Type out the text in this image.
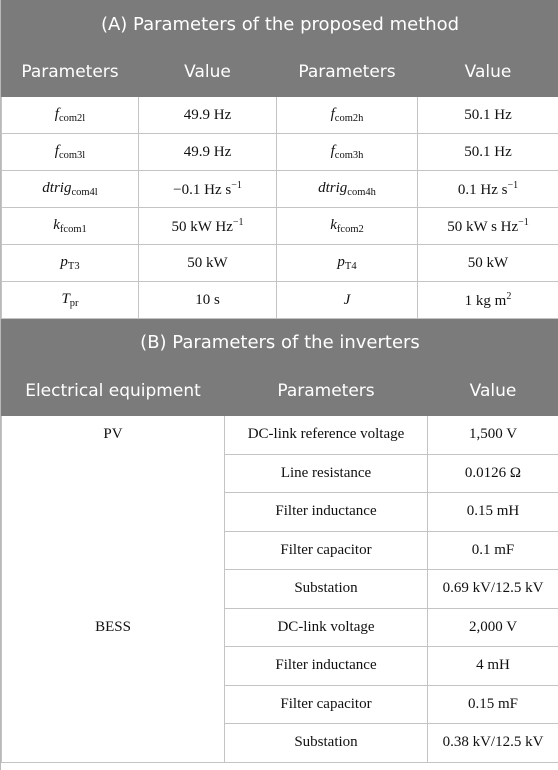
(A) Parameters of the proposed method			
Parameters	Value	Parameters	Value
$f_{com2l}$	49.9 Hz	$f_{com2h}$	50.1 Hz
$f_{com3l}$	49.9 Hz	$f_{com3h}$	50.1 Hz
dtrig$_{com4l}$	−0.1 Hz $s^{-1}$	dtrig$_{com4h}$	0.1 Hz $s^{-1}$
$k_{fcom1}$	50 kW $Hz^{-1}$	$k_{fcom2}$	50 kW s $Hz^{-1}$
$p_{T3}$	50 kW	$p_{T4}$	50 kW
$T_{pr}$	10 s	J	1 kg $m^2$
(B) Parameters of the inverters		
Electrical equipment	Parameters	Value
PV	DC-link reference voltage	1,500 V
	Line resistance	0.0126 Ω
	Filter inductance	0.15 mH
	Filter capacitor	0.1 mF
	Substation	0.69 kV/12.5 kV
BESS	DC-link voltage	2,000 V
	Filter inductance	4 mH
	Filter capacitor	0.15 mF
	Substation	0.38 kV/12.5 kV
